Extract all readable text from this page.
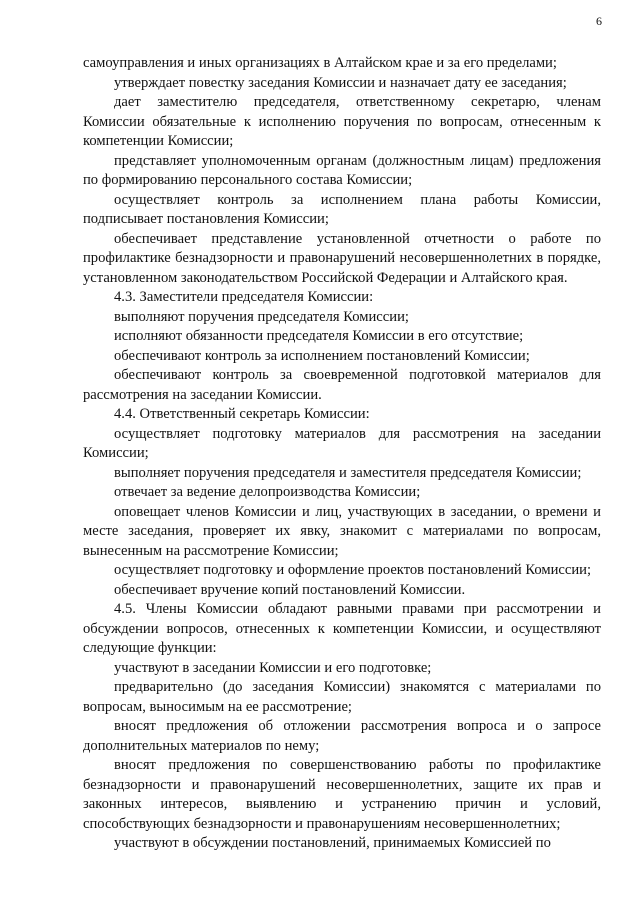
6

самоуправления и иных организациях в Алтайском крае и за его пределами;

утверждает повестку заседания Комиссии и назначает дату ее заседания;

дает заместителю председателя, ответственному секретарю, членам Комиссии обязательные к исполнению поручения по вопросам, отнесенным к компетенции Комиссии;

представляет уполномоченным органам (должностным лицам) предложения по формированию персонального состава Комиссии;

осуществляет контроль за исполнением плана работы Комиссии, подписывает постановления Комиссии;

обеспечивает представление установленной отчетности о работе по профилактике безнадзорности и правонарушений несовершеннолетних в порядке, установленном законодательством Российской Федерации и Алтайского края.

4.3. Заместители председателя Комиссии:

выполняют поручения председателя Комиссии;

исполняют обязанности председателя Комиссии в его отсутствие;

обеспечивают контроль за исполнением постановлений Комиссии;

обеспечивают контроль за своевременной подготовкой материалов для рассмотрения на заседании Комиссии.

4.4. Ответственный секретарь Комиссии:

осуществляет подготовку материалов для рассмотрения на заседании Комиссии;

выполняет поручения председателя и заместителя председателя Комиссии;

отвечает за ведение делопроизводства Комиссии;

оповещает членов Комиссии и лиц, участвующих в заседании, о времени и месте заседания, проверяет их явку, знакомит с материалами по вопросам, вынесенным на рассмотрение Комиссии;

осуществляет подготовку и оформление проектов постановлений Комиссии;

обеспечивает вручение копий постановлений Комиссии.

4.5. Члены Комиссии обладают равными правами при рассмотрении и обсуждении вопросов, отнесенных к компетенции Комиссии, и осуществляют следующие функции:

участвуют в заседании Комиссии и его подготовке;

предварительно (до заседания Комиссии) знакомятся с материалами по вопросам, выносимым на ее рассмотрение;

вносят предложения об отложении рассмотрения вопроса и о запросе дополнительных материалов по нему;

вносят предложения по совершенствованию работы по профилактике безнадзорности и правонарушений несовершеннолетних, защите их прав и законных интересов, выявлению и устранению причин и условий, способствующих безнадзорности и правонарушениям несовершеннолетних;

участвуют в обсуждении постановлений, принимаемых Комиссией по
